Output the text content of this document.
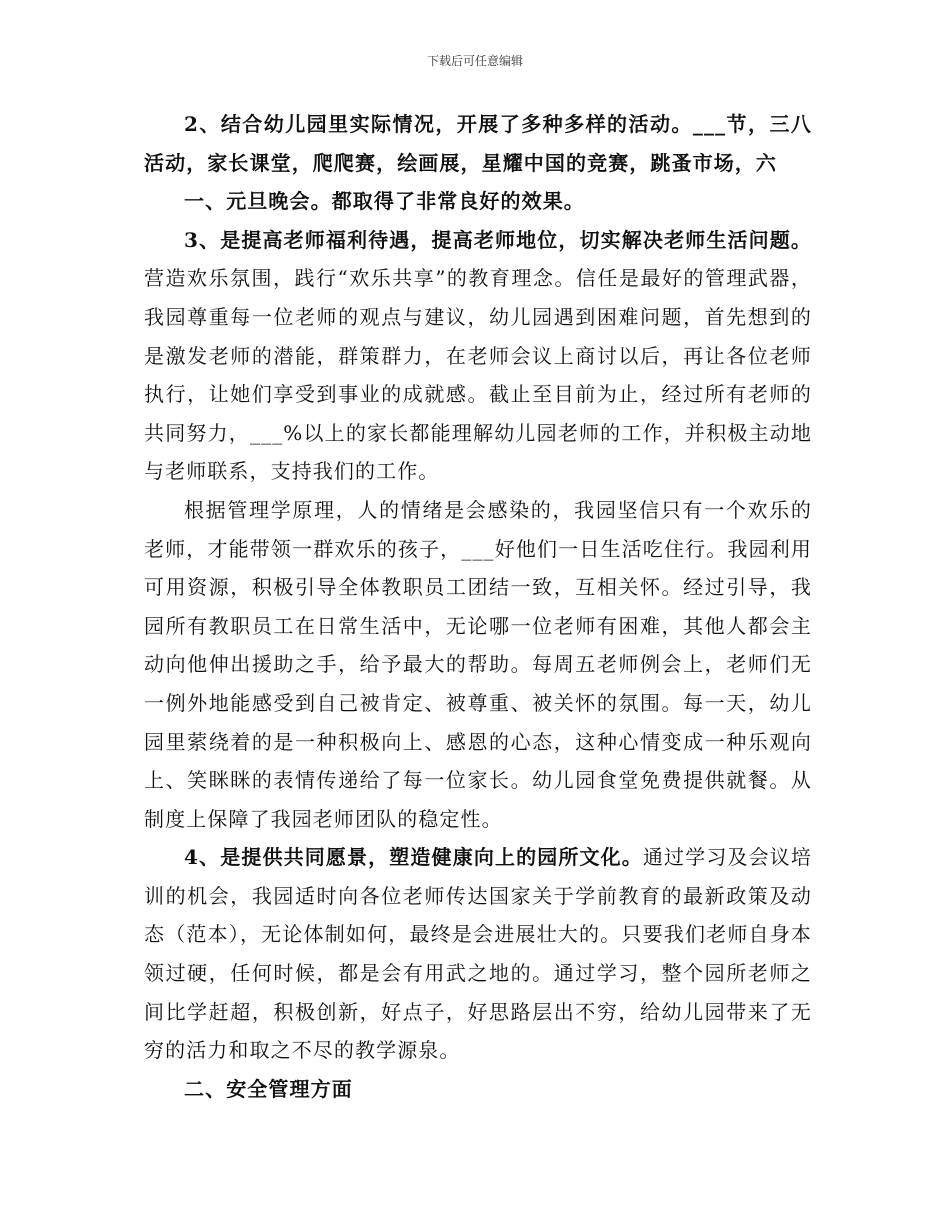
下载后可任意编辑

2、结合幼儿园里实际情况，开展了多种多样的活动。___节，三八活动，家长课堂，爬爬赛，绘画展，星耀中国的竞赛，跳蚤市场，六

一、元旦晚会。都取得了非常良好的效果。

3、是提高老师福利待遇，提高老师地位，切实解决老师生活问题。营造欢乐氛围，践行“欢乐共享”的教育理念。信任是最好的管理武器，我园尊重每一位老师的观点与建议，幼儿园遇到困难问题，首先想到的是激发老师的潜能，群策群力，在老师会议上商讨以后，再让各位老师执行，让她们享受到事业的成就感。截止至目前为止，经过所有老师的共同努力，___%以上的家长都能理解幼儿园老师的工作，并积极主动地与老师联系，支持我们的工作。

根据管理学原理，人的情绪是会感染的，我园坚信只有一个欢乐的老师，才能带领一群欢乐的孩子，___好他们一日生活吃住行。我园利用可用资源，积极引导全体教职员工团结一致，互相关怀。经过引导，我园所有教职员工在日常生活中，无论哪一位老师有困难，其他人都会主动向他伸出援助之手，给予最大的帮助。每周五老师例会上，老师们无一例外地能感受到自己被肯定、被尊重、被关怀的氛围。每一天，幼儿园里萦绕着的是一种积极向上、感恩的心态，这种心情变成一种乐观向上、笑眯眯的表情传递给了每一位家长。幼儿园食堂免费提供就餐。从制度上保障了我园老师团队的稳定性。

4、是提供共同愿景，塑造健康向上的园所文化。通过学习及会议培训的机会，我园适时向各位老师传达国家关于学前教育的最新政策及动态（范本），无论体制如何，最终是会进展壮大的。只要我们老师自身本领过硬，任何时候，都是会有用武之地的。通过学习，整个园所老师之间比学赶超，积极创新，好点子，好思路层出不穷，给幼儿园带来了无穷的活力和取之不尽的教学源泉。

二、安全管理方面
